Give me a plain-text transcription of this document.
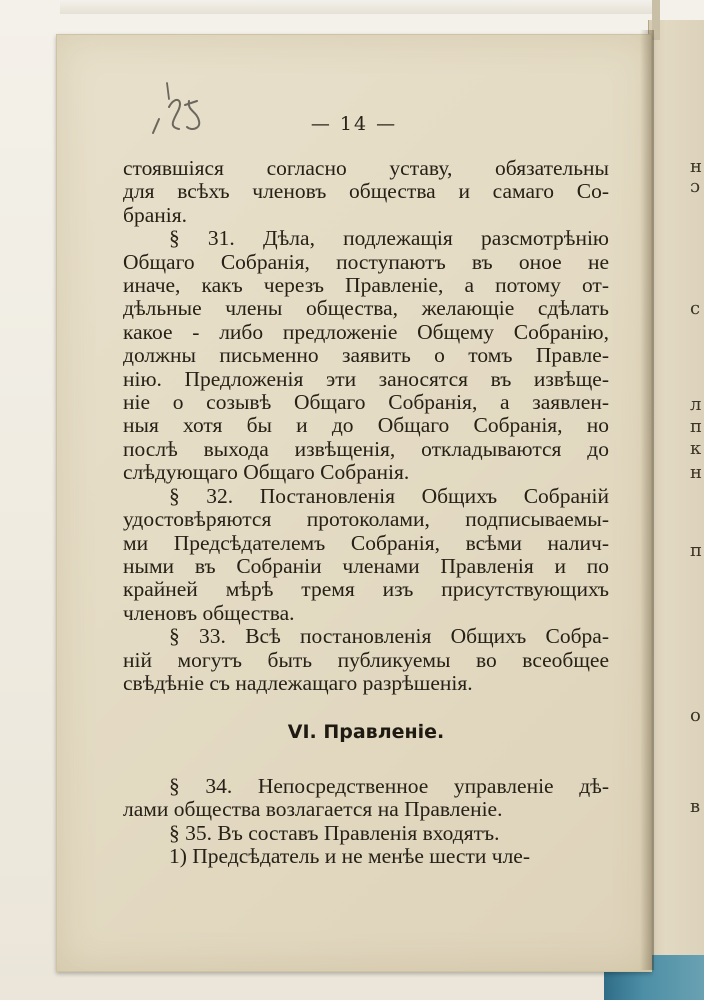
н
ɔ
с
л
п
к
н
п
о
в
— 14 —
стоявшіяся согласно уставу, обязательны
для всѣхъ членовъ общества и самаго Со-
бранія.
§ 31. Дѣла, подлежащія разсмотрѣнію
Общаго Собранія, поступаютъ въ оное не
иначе, какъ черезъ Правленіе, а потому от-
дѣльные члены общества, желающіе сдѣлать
какое - либо предложеніе Общему Собранію,
должны письменно заявить о томъ Правле-
нію. Предложенія эти заносятся въ извѣще-
ніе о созывѣ Общаго Собранія, а заявлен-
ныя хотя бы и до Общаго Собранія, но
послѣ выхода извѣщенія, откладываются до
слѣдующаго Общаго Собранія.
§ 32. Постановленія Общихъ Собраній
удостовѣряются протоколами, подписываемы-
ми Предсѣдателемъ Собранія, всѣми налич-
ными въ Собраніи членами Правленія и по
крайней мѣрѣ тремя изъ присутствующихъ
членовъ общества.
§ 33. Всѣ постановленія Общихъ Собра-
ній могутъ быть публикуемы во всеобщее
свѣдѣніе съ надлежащаго разрѣшенія.
VI. Правленіе.
§ 34. Непосредственное управленіе дѣ-
лами общества возлагается на Правленіе.
§ 35. Въ составъ Правленія входятъ.
1) Предсѣдатель и не менѣе шести чле-
